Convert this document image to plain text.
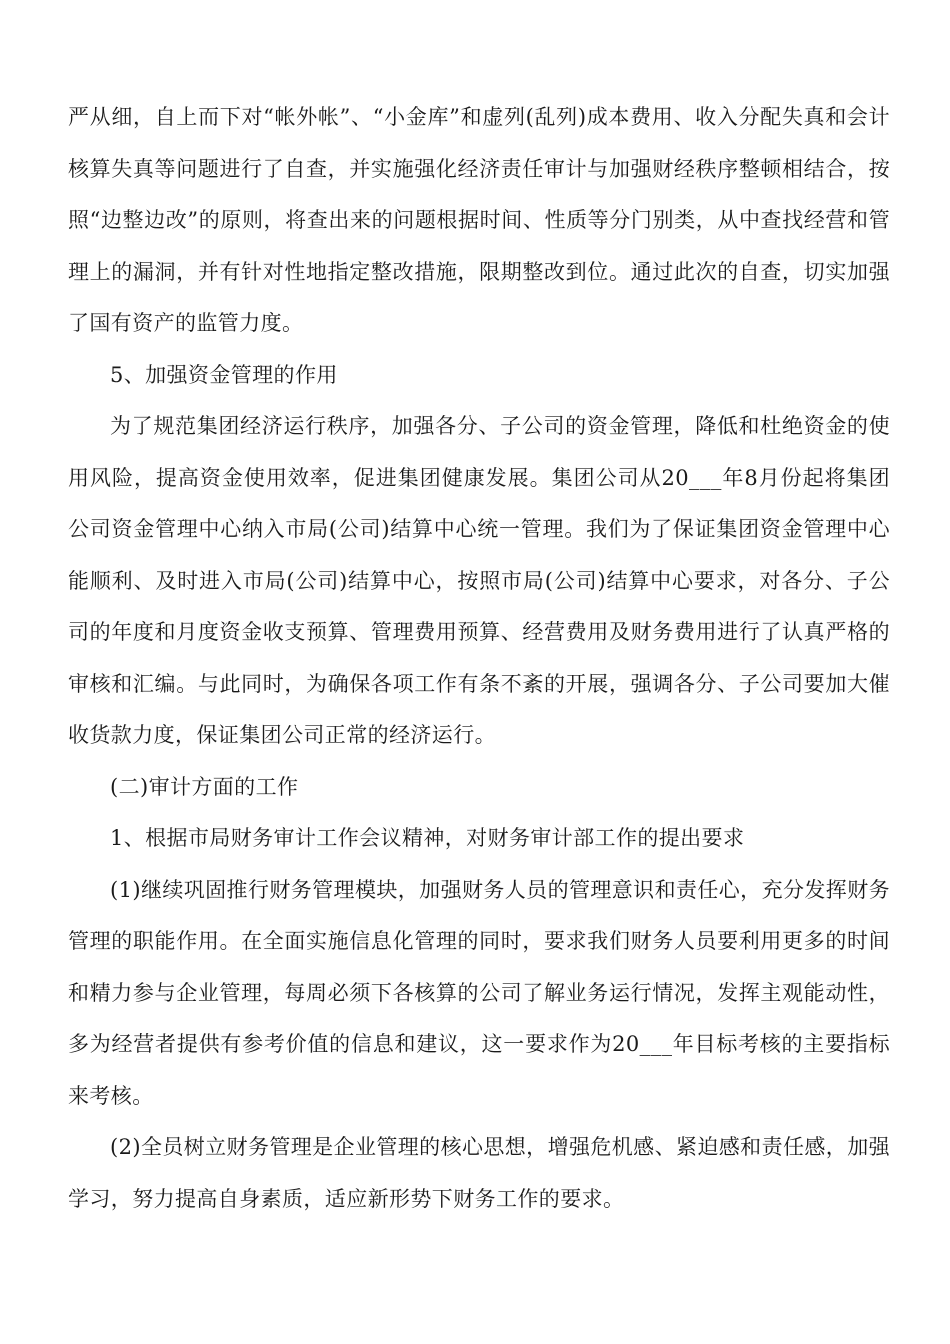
严从细，自上而下对“帐外帐”、“小金库”和虚列(乱列)成本费用、收入分配失真和会计核算失真等问题进行了自查，并实施强化经济责任审计与加强财经秩序整顿相结合，按照“边整边改”的原则，将查出来的问题根据时间、性质等分门别类，从中查找经营和管理上的漏洞，并有针对性地指定整改措施，限期整改到位。通过此次的自查，切实加强了国有资产的监管力度。

5、加强资金管理的作用

为了规范集团经济运行秩序，加强各分、子公司的资金管理，降低和杜绝资金的使用风险，提高资金使用效率，促进集团健康发展。集团公司从20___年8月份起将集团公司资金管理中心纳入市局(公司)结算中心统一管理。我们为了保证集团资金管理中心能顺利、及时进入市局(公司)结算中心，按照市局(公司)结算中心要求，对各分、子公司的年度和月度资金收支预算、管理费用预算、经营费用及财务费用进行了认真严格的审核和汇编。与此同时，为确保各项工作有条不紊的开展，强调各分、子公司要加大催收货款力度，保证集团公司正常的经济运行。

(二)审计方面的工作

1、根据市局财务审计工作会议精神，对财务审计部工作的提出要求

(1)继续巩固推行财务管理模块，加强财务人员的管理意识和责任心，充分发挥财务管理的职能作用。在全面实施信息化管理的同时，要求我们财务人员要利用更多的时间和精力参与企业管理，每周必须下各核算的公司了解业务运行情况，发挥主观能动性，多为经营者提供有参考价值的信息和建议，这一要求作为20___年目标考核的主要指标来考核。

(2)全员树立财务管理是企业管理的核心思想，增强危机感、紧迫感和责任感，加强学习，努力提高自身素质，适应新形势下财务工作的要求。
